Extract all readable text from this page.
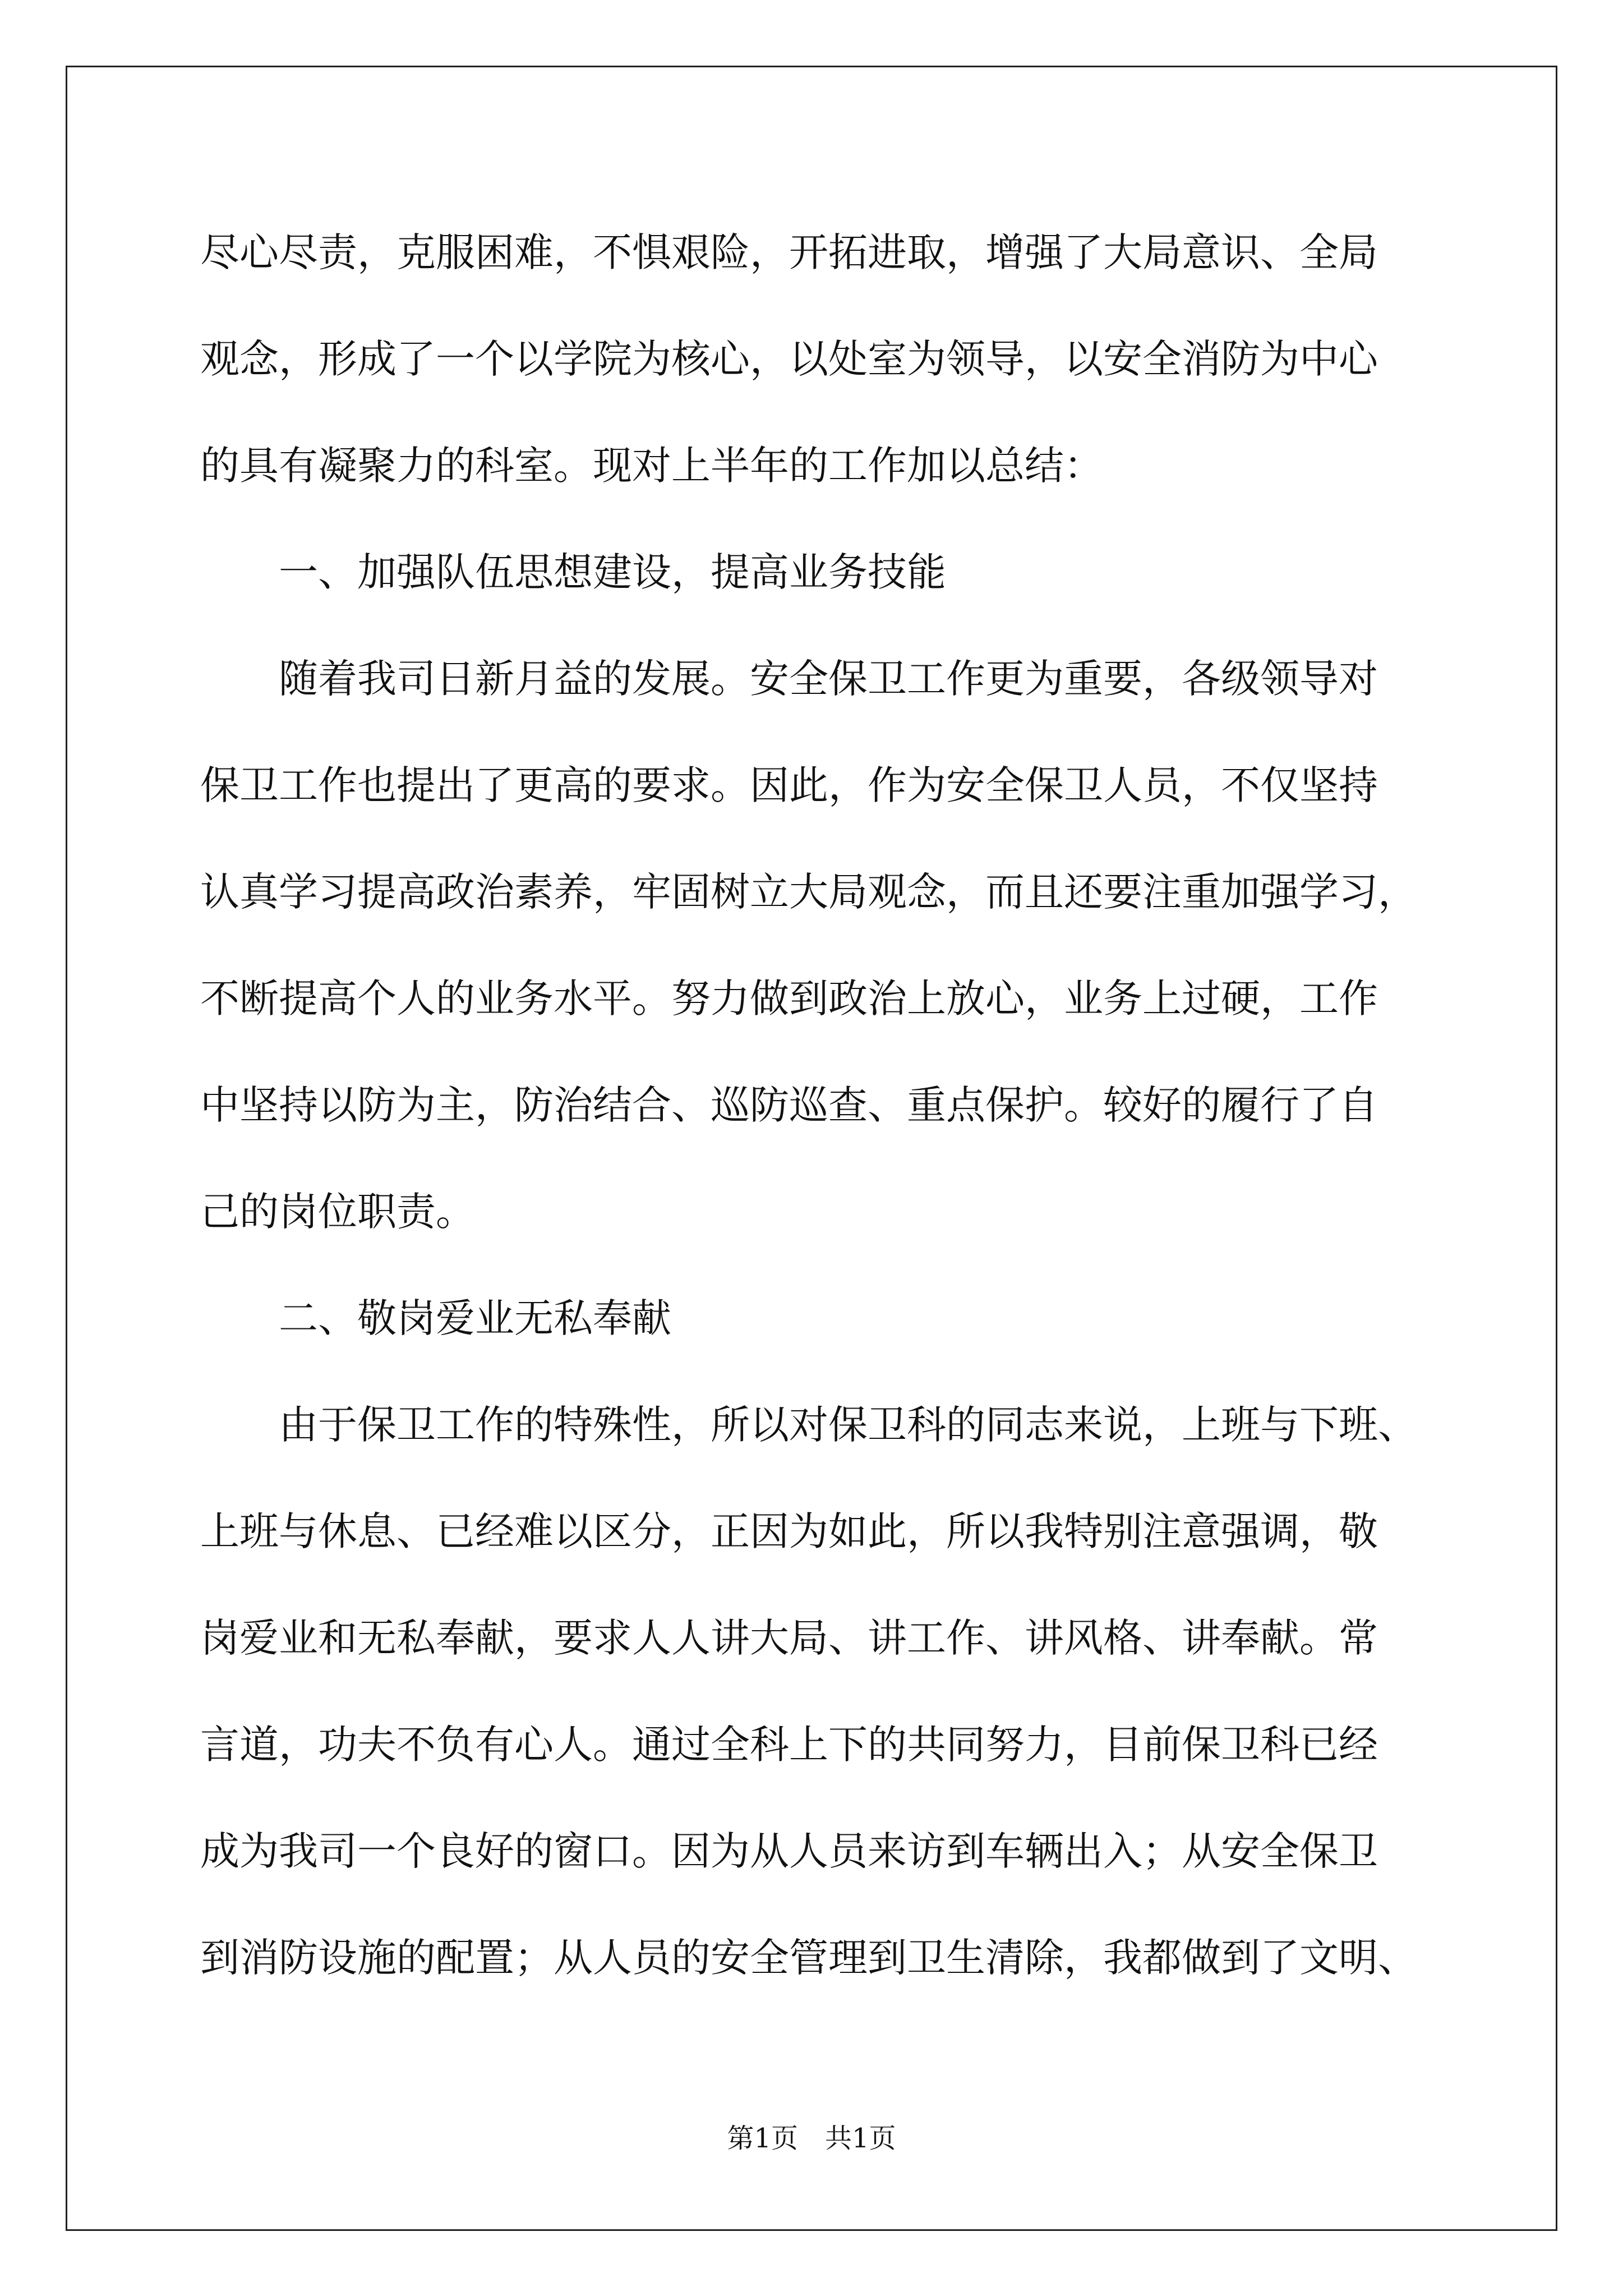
尽心尽责，克服困难，不惧艰险，开拓进取，增强了大局意识、全局
观念，形成了一个以学院为核心，以处室为领导，以安全消防为中心
的具有凝聚力的科室。现对上半年的工作加以总结：
一、加强队伍思想建设，提高业务技能
随着我司日新月益的发展。安全保卫工作更为重要，各级领导对
保卫工作也提出了更高的要求。因此，作为安全保卫人员，不仅坚持
认真学习提高政治素养，牢固树立大局观念，而且还要注重加强学习，
不断提高个人的业务水平。努力做到政治上放心，业务上过硬，工作
中坚持以防为主，防治结合、巡防巡查、重点保护。较好的履行了自
己的岗位职责。
二、敬岗爱业无私奉献
由于保卫工作的特殊性，所以对保卫科的同志来说，上班与下班、
上班与休息、已经难以区分，正因为如此，所以我特别注意强调，敬
岗爱业和无私奉献，要求人人讲大局、讲工作、讲风格、讲奉献。常
言道，功夫不负有心人。通过全科上下的共同努力，目前保卫科已经
成为我司一个良好的窗口。因为从人员来访到车辆出入；从安全保卫
到消防设施的配置；从人员的安全管理到卫生清除，我都做到了文明、
第1页　共1页
